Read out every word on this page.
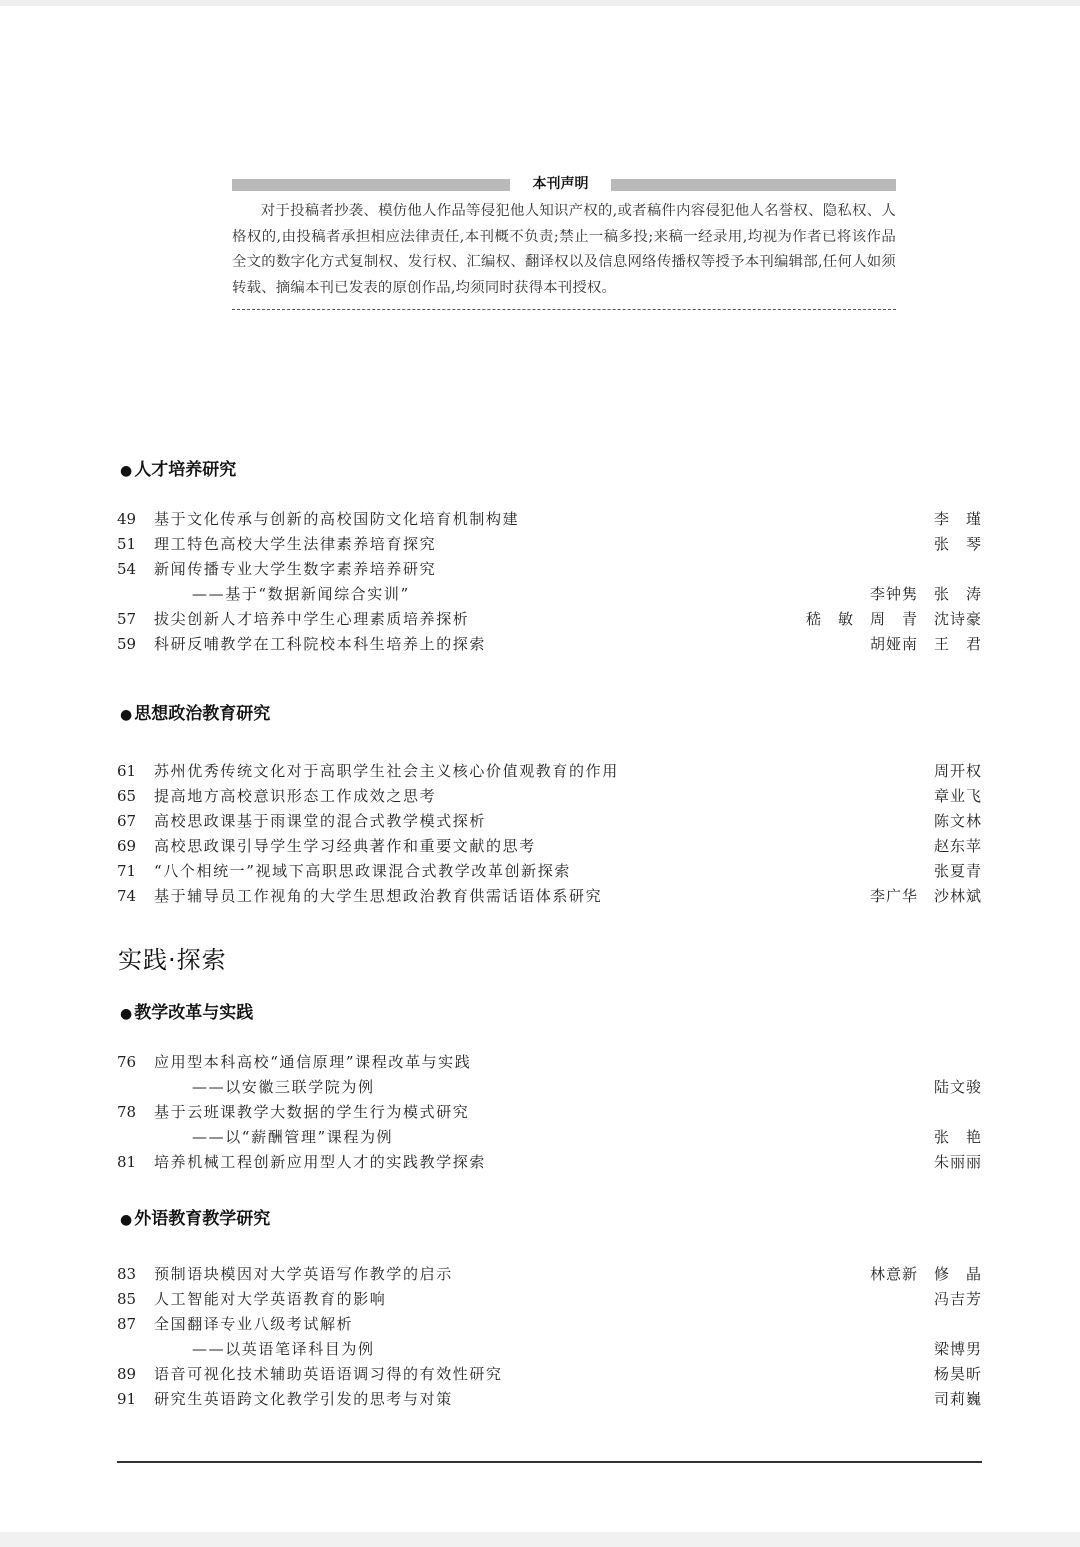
本刊声明
对于投稿者抄袭、模仿他人作品等侵犯他人知识产权的,或者稿件内容侵犯他人名誉权、隐私权、人格权的,由投稿者承担相应法律责任,本刊概不负责;禁止一稿多投;来稿一经录用,均视为作者已将该作品全文的数字化方式复制权、发行权、汇编权、翻译权以及信息网络传播权等授予本刊编辑部,任何人如须转载、摘编本刊已发表的原创作品,均须同时获得本刊授权。
● 人才培养研究
49	基于文化传承与创新的高校国防文化培育机制构建	李　瑾
51	理工特色高校大学生法律素养培育探究	张　琴
54	新闻传播专业大学生数字素养培养研究
——基于“数据新闻综合实训”	李钟隽　张　涛
57	拔尖创新人才培养中学生心理素质培养探析	嵇　敏　周　青　沈诗豪
59	科研反哺教学在工科院校本科生培养上的探索	胡娅南　王　君
● 思想政治教育研究
61	苏州优秀传统文化对于高职学生社会主义核心价值观教育的作用	周开权
65	提高地方高校意识形态工作成效之思考	章业飞
67	高校思政课基于雨课堂的混合式教学模式探析	陈文林
69	高校思政课引导学生学习经典著作和重要文献的思考	赵东苹
71	“八个相统一”视域下高职思政课混合式教学改革创新探索	张夏青
74	基于辅导员工作视角的大学生思想政治教育供需话语体系研究	李广华　沙林斌
实践·探索
● 教学改革与实践
76	应用型本科高校“通信原理”课程改革与实践
——以安徽三联学院为例	陆文骏
78	基于云班课教学大数据的学生行为模式研究
——以“薪酬管理”课程为例	张　艳
81	培养机械工程创新应用型人才的实践教学探索	朱丽丽
● 外语教育教学研究
83	预制语块模因对大学英语写作教学的启示	林意新　修　晶
85	人工智能对大学英语教育的影响	冯吉芳
87	全国翻译专业八级考试解析
——以英语笔译科目为例	梁博男
89	语音可视化技术辅助英语语调习得的有效性研究	杨昊昕
91	研究生英语跨文化教学引发的思考与对策	司莉巍
